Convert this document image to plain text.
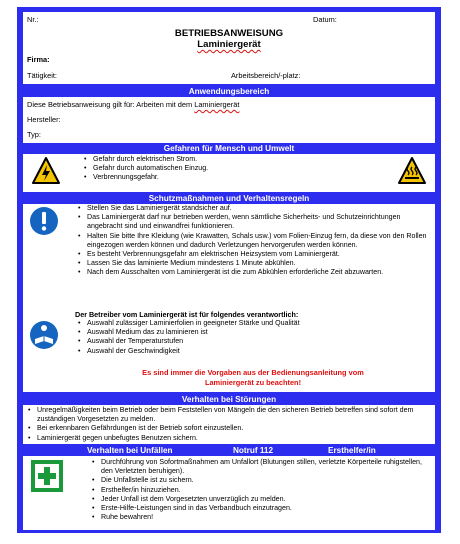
Nr.:	Datum:
BETRIEBSANWEISUNG
Laminiergerät
Firma:
Tätigkeit:	Arbeitsbereich/-platz:
Anwendungsbereich
Diese Betriebsanweisung gilt für: Arbeiten mit dem Laminiergerät
Hersteller:
Typ:
Gefahren für Mensch und Umwelt
• Gefahr durch elektrischen Strom.
• Gefahr durch automatischen Einzug.
• Verbrennungsgefahr.
Schutzmaßnahmen und Verhaltensregeln
• Stellen Sie das Laminiergerät standsicher auf.
• Das Laminiergerät darf nur betrieben werden, wenn sämtliche Sicherheits- und Schutzeinrichtungen angebracht sind und einwandfrei funktionieren.
• Halten Sie bitte Ihre Kleidung (wie Krawatten, Schals usw.) vom Folien-Einzug fern, da diese von den Rollen eingezogen werden können und dadurch Verletzungen hervorgerufen werden können.
• Es besteht Verbrennungsgefahr am elektrischen Heizsystem vom Laminiergerät.
• Lassen Sie das laminierte Medium mindestens 1 Minute abkühlen.
• Nach dem Ausschalten vom Laminiergerät ist die zum Abkühlen erforderliche Zeit abzuwarten.
Der Betreiber vom Laminiergerät ist für folgendes verantwortlich:
• Auswahl zulässiger Laminierfolien in geeigneter Stärke und Qualität
• Auswahl Medium das zu laminieren ist
• Auswahl der Temperaturstufen
• Auswahl der Geschwindigkeit
Es sind immer die Vorgaben aus der Bedienungsanleitung vom Laminiergerät zu beachten!
Verhalten bei Störungen
• Unregelmäßigkeiten beim Betrieb oder beim Feststellen von Mängeln die den sicheren Betrieb betreffen sind sofort dem zuständigen Vorgesetzten zu melden.
• Bei erkennbaren Gefährdungen ist der Betrieb sofort einzustellen.
• Laminiergerät gegen unbefugtes Benutzen sichern.
Verhalten bei Unfällen	Notruf 112	Ersthelfer/in
• Durchführung von Sofortmaßnahmen am Unfallort (Blutungen stillen, verletzte Körperteile ruhigstellen, den Verletzten beruhigen).
• Die Unfallstelle ist zu sichern.
• Ersthelfer/in hinzuziehen.
• Jeder Unfall ist dem Vorgesetzten unverzüglich zu melden.
• Erste-Hilfe-Leistungen sind in das Verbandbuch einzutragen.
• Ruhe bewahren!
